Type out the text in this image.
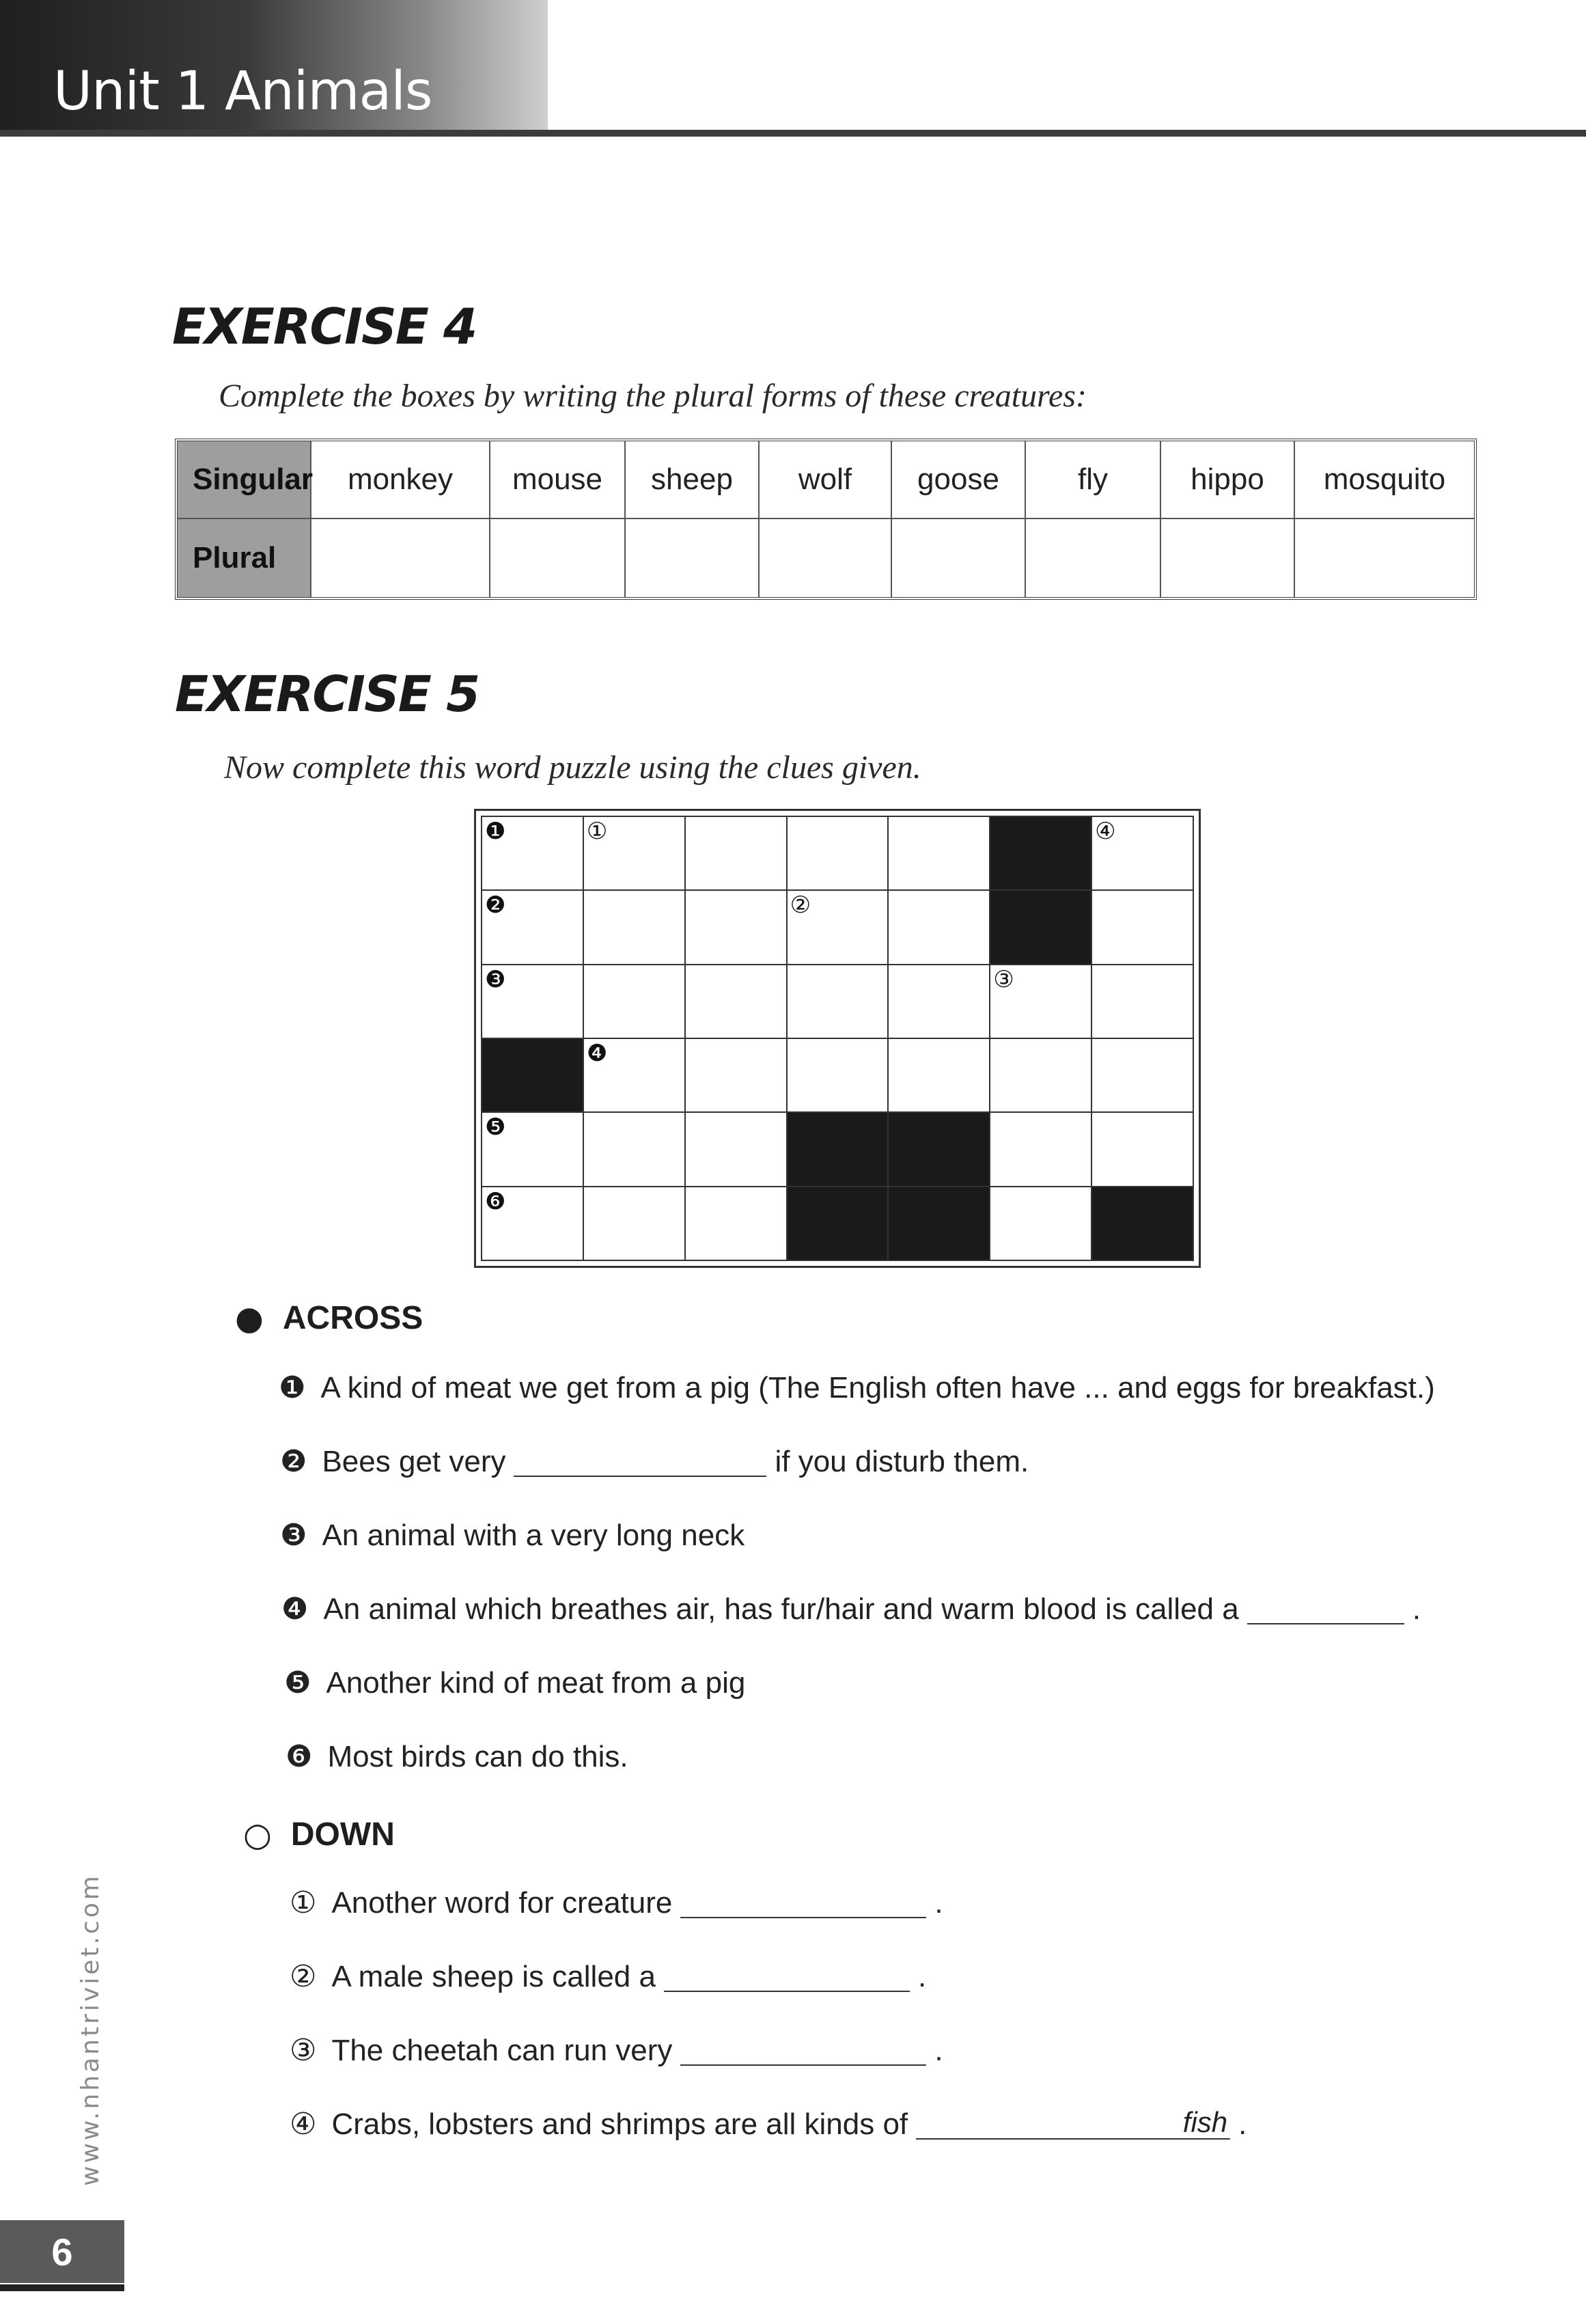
Unit 1 Animals
EXERCISE 4
Complete the boxes by writing the plural forms of these creatures:
Singular	monkey	mouse	sheep	wolf	goose	fly	hippo	mosquito
Plural
EXERCISE 5
Now complete this word puzzle using the clues given.
❶	①	④
❷	②
❸	③
❹
❺
❻
● ACROSS
❶ A kind of meat we get from a pig (The English often have ... and eggs for breakfast.)
❷ Bees get very	if you disturb them.
❸ An animal with a very long neck
❹ An animal which breathes air, has fur/hair and warm blood is called a	.
❺ Another kind of meat from a pig
❻ Most birds can do this.
○ DOWN
① Another word for creature	.
② A male sheep is called a	.
③ The cheetah can run very	.
④ Crabs, lobsters and shrimps are all kinds of	fish .
www.nhantriviet.com
6
